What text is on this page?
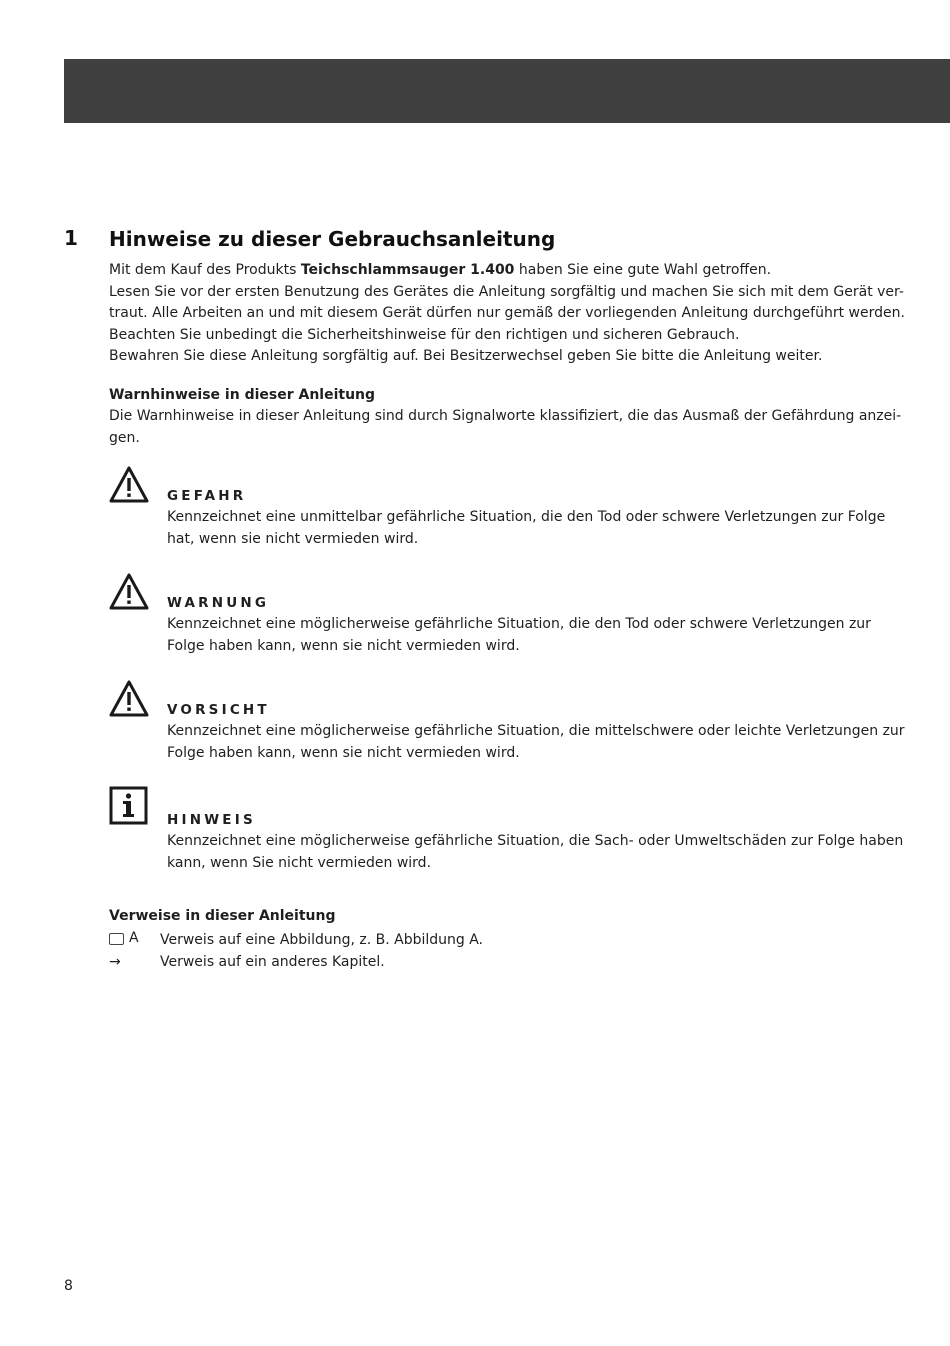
1 Hinweise zu dieser Gebrauchsanleitung

Mit dem Kauf des Produkts Teichschlammsauger 1.400 haben Sie eine gute Wahl getroffen.
Lesen Sie vor der ersten Benutzung des Gerätes die Anleitung sorgfältig und machen Sie sich mit dem Gerät ver-
traut. Alle Arbeiten an und mit diesem Gerät dürfen nur gemäß der vorliegenden Anleitung durchgeführt werden.
Beachten Sie unbedingt die Sicherheitshinweise für den richtigen und sicheren Gebrauch.
Bewahren Sie diese Anleitung sorgfältig auf. Bei Besitzerwechsel geben Sie bitte die Anleitung weiter.

Warnhinweise in dieser Anleitung

Die Warnhinweise in dieser Anleitung sind durch Signalworte klassifiziert, die das Ausmaß der Gefährdung anzei-
gen.

GEFAHR
Kennzeichnet eine unmittelbar gefährliche Situation, die den Tod oder schwere Verletzungen zur Folge
hat, wenn sie nicht vermieden wird.
WARNUNG
Kennzeichnet eine möglicherweise gefährliche Situation, die den Tod oder schwere Verletzungen zur
Folge haben kann, wenn sie nicht vermieden wird.
VORSICHT
Kennzeichnet eine möglicherweise gefährliche Situation, die mittelschwere oder leichte Verletzungen zur
Folge haben kann, wenn sie nicht vermieden wird.
HINWEIS
Kennzeichnet eine möglicherweise gefährliche Situation, die Sach- oder Umweltschäden zur Folge haben
kann, wenn Sie nicht vermieden wird.

Verweise in dieser Anleitung

A Verweis auf eine Abbildung, z. B. Abbildung A.
→	Verweis auf ein anderes Kapitel.
8
